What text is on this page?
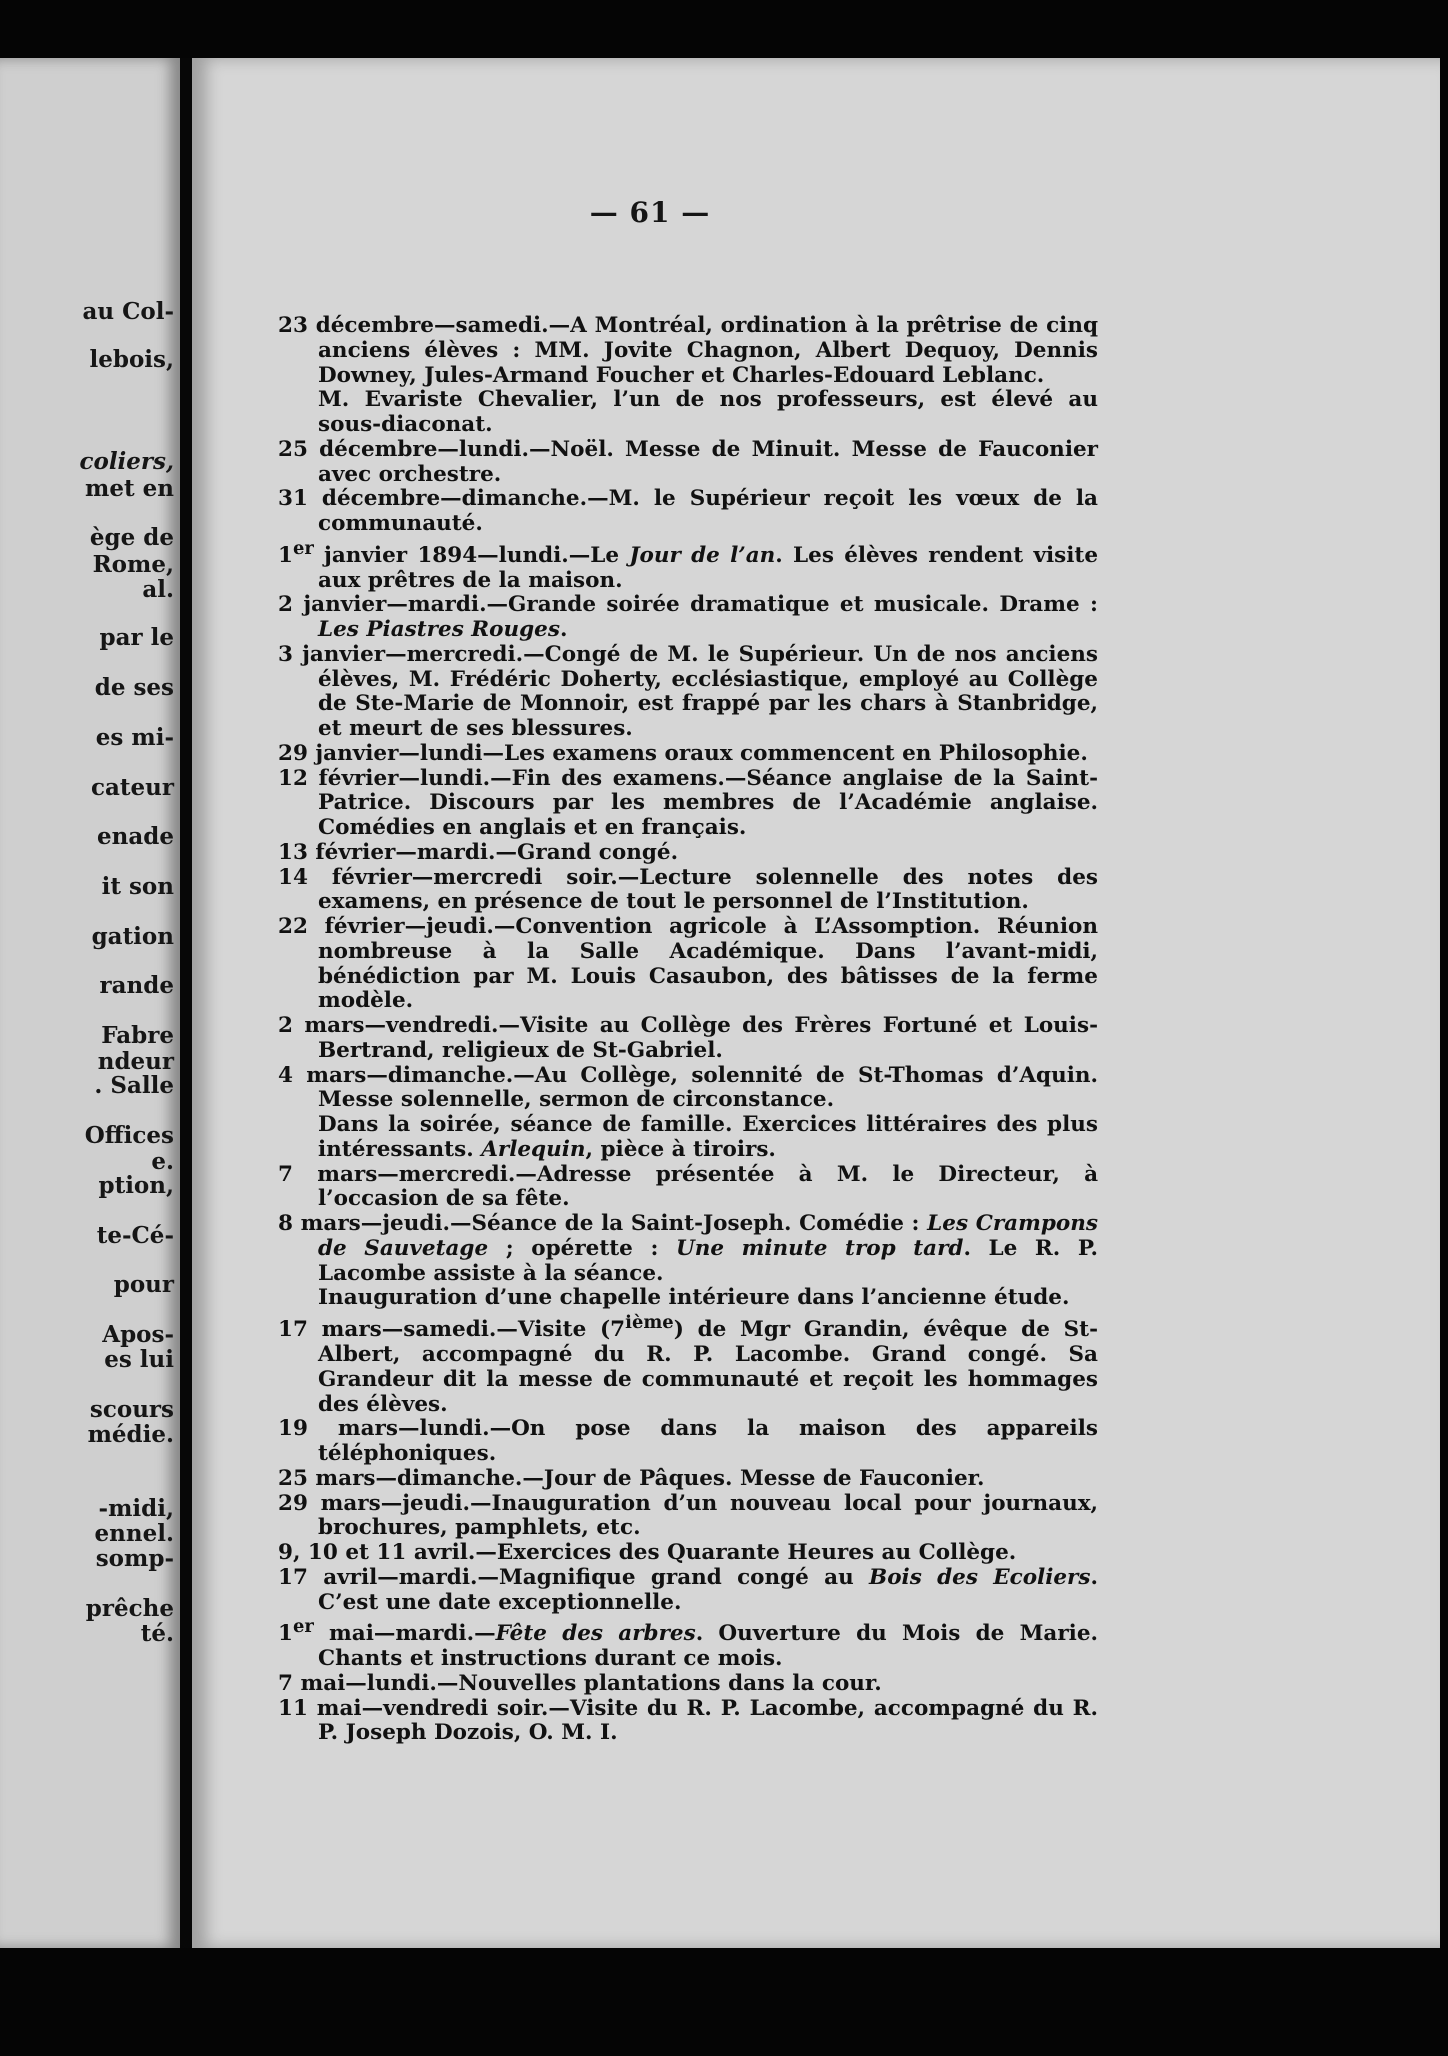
au Col-
lebois,
coliers,
met en
ège de
Rome,
al.
par le
de ses
es mi-
cateur
enade
it son
gation
rande
Fabre
ndeur
. Salle
Offices
e.
ption,
te-Cé-
pour
Apos-
es lui
scours
médie.
-midi,
ennel.
somp-
prêche
té.
— 61 —

23 décembre—samedi.—A Montréal, ordination à la prêtrise de cinq anciens élèves : MM. Jovite Chagnon, Albert Dequoy, Dennis Downey, Jules-Armand Foucher et Charles-Edouard Leblanc.

M. Evariste Chevalier, l’un de nos professeurs, est élevé au sous-diaconat.

25 décembre—lundi.—Noël. Messe de Minuit. Messe de Fauconier avec orchestre.

31 décembre—dimanche.—M. le Supérieur reçoit les vœux de la communauté.

1er janvier 1894—lundi.—Le Jour de l’an. Les élèves rendent visite aux prêtres de la maison.

2 janvier—mardi.—Grande soirée dramatique et musicale. Drame : Les Piastres Rouges.

3 janvier—mercredi.—Congé de M. le Supérieur. Un de nos anciens élèves, M. Frédéric Doherty, ecclésiastique, employé au Collège de Ste-Marie de Monnoir, est frappé par les chars à Stanbridge, et meurt de ses blessures.

29 janvier—lundi—Les examens oraux commencent en Philosophie.

12 février—lundi.—Fin des examens.—Séance anglaise de la Saint-Patrice. Discours par les membres de l’Académie anglaise. Comédies en anglais et en français.

13 février—mardi.—Grand congé.

14 février—mercredi soir.—Lecture solennelle des notes des examens, en présence de tout le personnel de l’Institution.

22 février—jeudi.—Convention agricole à L’Assomption. Réunion nombreuse à la Salle Académique. Dans l’avant-midi, bénédiction par M. Louis Casaubon, des bâtisses de la ferme modèle.

2 mars—vendredi.—Visite au Collège des Frères Fortuné et Louis-Bertrand, religieux de St-Gabriel.

4 mars—dimanche.—Au Collège, solennité de St-Thomas d’Aquin. Messe solennelle, sermon de circonstance.

Dans la soirée, séance de famille. Exercices littéraires des plus intéressants. Arlequin, pièce à tiroirs.

7 mars—mercredi.—Adresse présentée à M. le Directeur, à l’occasion de sa fête.

8 mars—jeudi.—Séance de la Saint-Joseph. Comédie : Les Crampons de Sauvetage ; opérette : Une minute trop tard. Le R. P. Lacombe assiste à la séance.

Inauguration d’une chapelle intérieure dans l’ancienne étude.

17 mars—samedi.—Visite (7ième) de Mgr Grandin, évêque de St-Albert, accompagné du R. P. Lacombe. Grand congé. Sa Grandeur dit la messe de communauté et reçoit les hommages des élèves.

19 mars—lundi.—On pose dans la maison des appareils téléphoniques.

25 mars—dimanche.—Jour de Pâques. Messe de Fauconier.

29 mars—jeudi.—Inauguration d’un nouveau local pour journaux, brochures, pamphlets, etc.

9, 10 et 11 avril.—Exercices des Quarante Heures au Collège.

17 avril—mardi.—Magnifique grand congé au Bois des Ecoliers. C’est une date exceptionnelle.

1er mai—mardi.—Fête des arbres. Ouverture du Mois de Marie. Chants et instructions durant ce mois.

7 mai—lundi.—Nouvelles plantations dans la cour.

11 mai—vendredi soir.—Visite du R. P. Lacombe, accompagné du R. P. Joseph Dozois, O. M. I.
